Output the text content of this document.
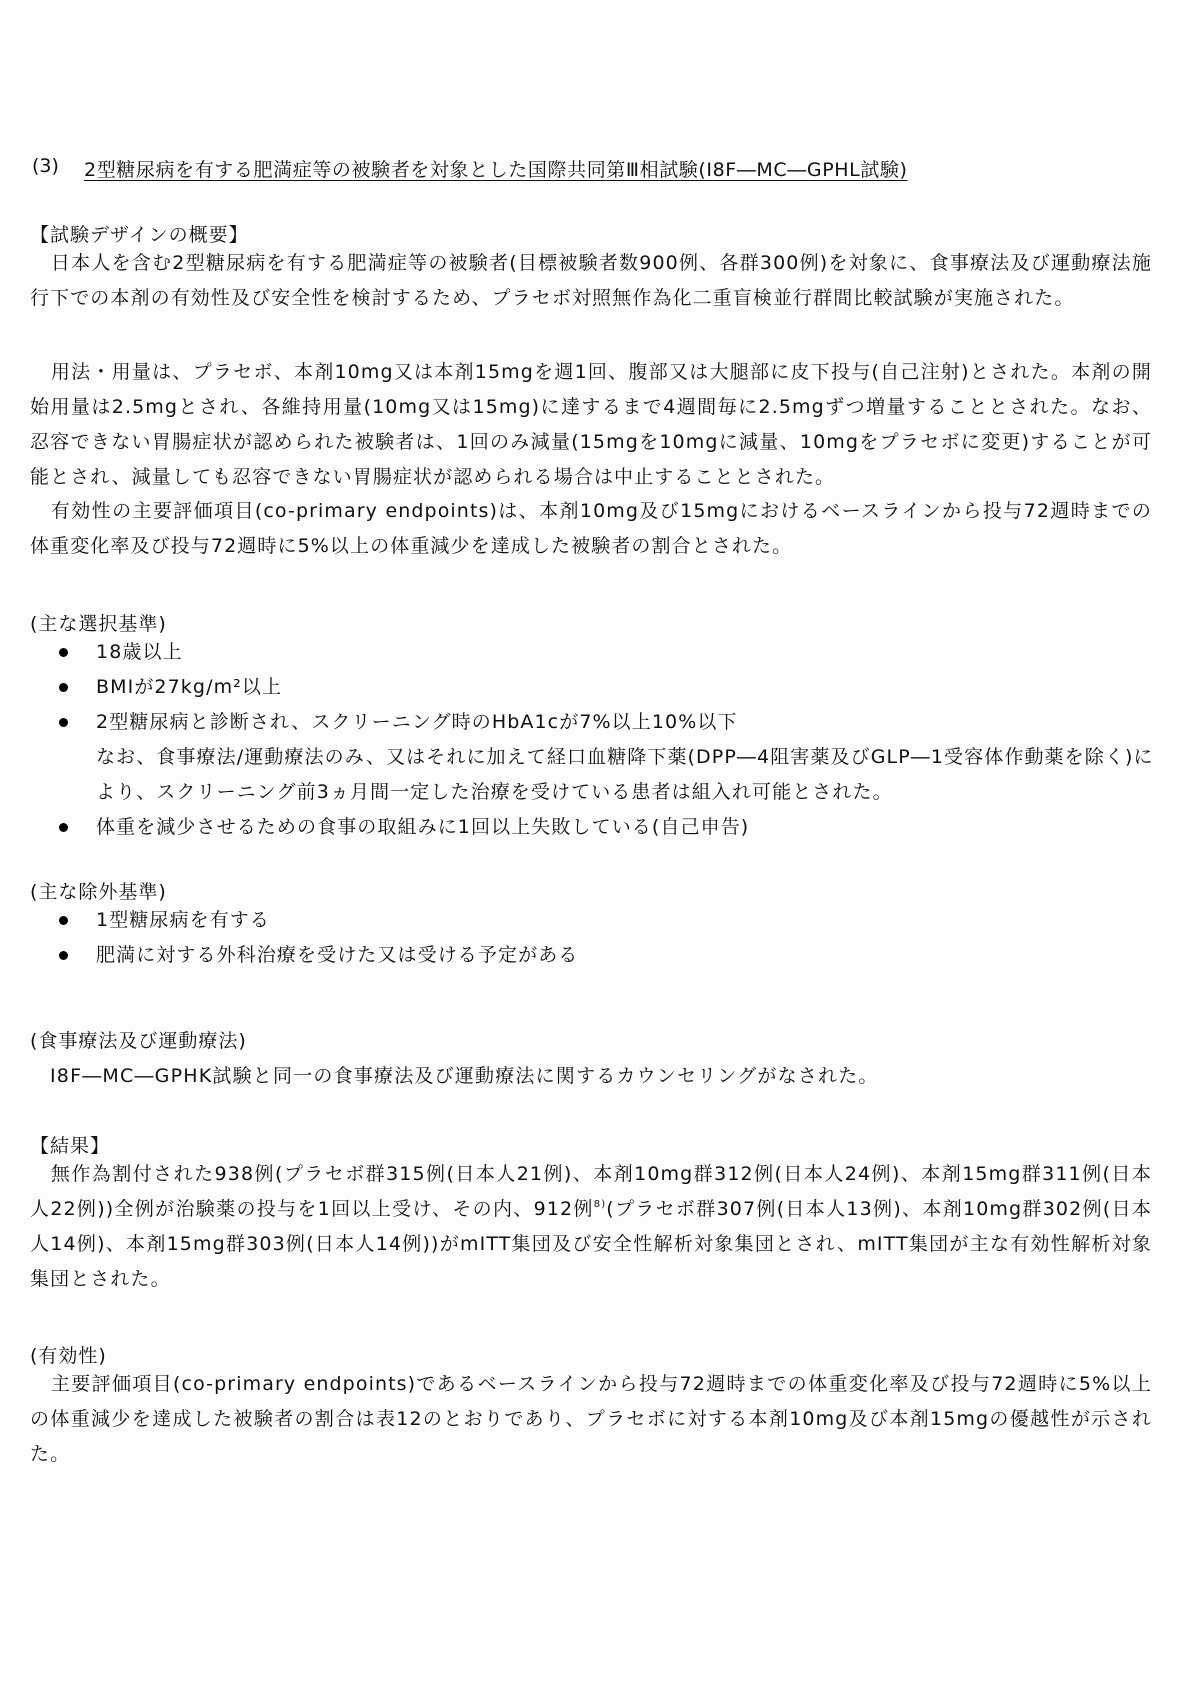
(3) 2型糖尿病を有する肥満症等の被験者を対象とした国際共同第Ⅲ相試験(I8F―MC―GPHL試験)
【試験デザインの概要】

日本人を含む2型糖尿病を有する肥満症等の被験者(目標被験者数900例、各群300例)を対象に、食事療法及び運動療法施行下での本剤の有効性及び安全性を検討するため、プラセボ対照無作為化二重盲検並行群間比較試験が実施された。

用法・用量は、プラセボ、本剤10mg又は本剤15mgを週1回、腹部又は大腿部に皮下投与(自己注射)とされた。本剤の開始用量は2.5mgとされ、各維持用量(10mg又は15mg)に達するまで4週間毎に2.5mgずつ増量することとされた。なお、忍容できない胃腸症状が認められた被験者は、1回のみ減量(15mgを10mgに減量、10mgをプラセボに変更)することが可能とされ、減量しても忍容できない胃腸症状が認められる場合は中止することとされた。

有効性の主要評価項目(co-primary endpoints)は、本剤10mg及び15mgにおけるベースラインから投与72週時までの体重変化率及び投与72週時に5%以上の体重減少を達成した被験者の割合とされた。

(主な選択基準)
18歳以上
BMIが27kg/m²以上
2型糖尿病と診断され、スクリーニング時のHbA1cが7%以上10%以下
なお、食事療法/運動療法のみ、又はそれに加えて経口血糖降下薬(DPP―4阻害薬及びGLP―1受容体作動薬を除く)により、スクリーニング前3ヵ月間一定した治療を受けている患者は組入れ可能とされた。
体重を減少させるための食事の取組みに1回以上失敗している(自己申告)
(主な除外基準)
1型糖尿病を有する
肥満に対する外科治療を受けた又は受ける予定がある
(食事療法及び運動療法)
I8F―MC―GPHK試験と同一の食事療法及び運動療法に関するカウンセリングがなされた。
【結果】

無作為割付された938例(プラセボ群315例(日本人21例)、本剤10mg群312例(日本人24例)、本剤15mg群311例(日本人22例))全例が治験薬の投与を1回以上受け、その内、912例$^{8)}$(プラセボ群307例(日本人13例)、本剤10mg群302例(日本人14例)、本剤15mg群303例(日本人14例))がmITT集団及び安全性解析対象集団とされ、mITT集団が主な有効性解析対象集団とされた。

(有効性)

主要評価項目(co-primary endpoints)であるベースラインから投与72週時までの体重変化率及び投与72週時に5%以上の体重減少を達成した被験者の割合は表12のとおりであり、プラセボに対する本剤10mg及び本剤15mgの優越性が示された。
